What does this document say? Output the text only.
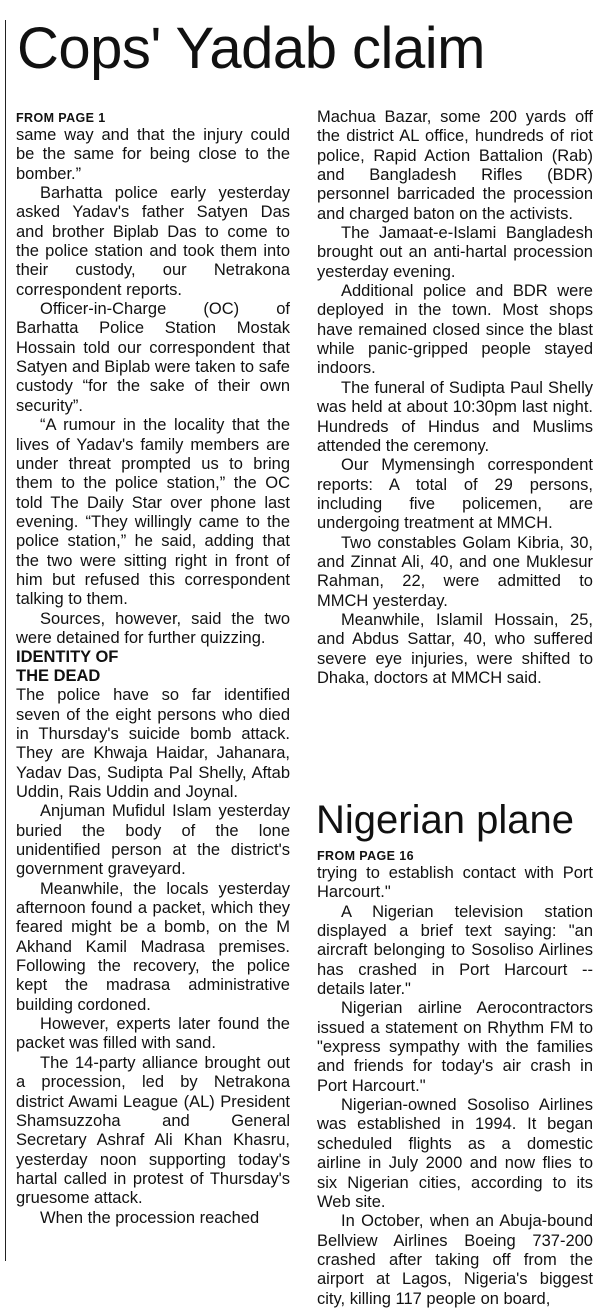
Cops' Yadab claim
FROM PAGE 1

same way and that the injury could be the same for being close to the bomber.”

Barhatta police early yesterday asked Yadav's father Satyen Das and brother Biplab Das to come to the police station and took them into their custody, our Netrakona correspondent reports.

Officer-in-Charge (OC) of Barhatta Police Station Mostak Hossain told our correspondent that Satyen and Biplab were taken to safe custody “for the sake of their own security”.

“A rumour in the locality that the lives of Yadav's family members are under threat prompted us to bring them to the police station,” the OC told The Daily Star over phone last evening. “They willingly came to the police station,” he said, adding that the two were sitting right in front of him but refused this correspondent talking to them.

Sources, however, said the two were detained for further quizzing.

IDENTITY OF THE DEAD

The police have so far identified seven of the eight persons who died in Thursday's suicide bomb attack. They are Khwaja Haidar, Jahanara, Yadav Das, Sudipta Pal Shelly, Aftab Uddin, Rais Uddin and Joynal.

Anjuman Mufidul Islam yesterday buried the body of the lone unidentified person at the district's government graveyard.

Meanwhile, the locals yesterday afternoon found a packet, which they feared might be a bomb, on the M Akhand Kamil Madrasa premises. Following the recovery, the police kept the madrasa administrative building cordoned.

However, experts later found the packet was filled with sand.

The 14-party alliance brought out a procession, led by Netrakona district Awami League (AL) President Shamsuzzoha and General Secretary Ashraf Ali Khan Khasru, yesterday noon supporting today's hartal called in protest of Thursday's gruesome attack.

When the procession reached

Machua Bazar, some 200 yards off the district AL office, hundreds of riot police, Rapid Action Battalion (Rab) and Bangladesh Rifles (BDR) personnel barricaded the procession and charged baton on the activists.

The Jamaat-e-Islami Bangladesh brought out an anti-hartal procession yesterday evening.

Additional police and BDR were deployed in the town. Most shops have remained closed since the blast while panic-gripped people stayed indoors.

The funeral of Sudipta Paul Shelly was held at about 10:30pm last night. Hundreds of Hindus and Muslims attended the ceremony.

Our Mymensingh correspondent reports: A total of 29 persons, including five policemen, are undergoing treatment at MMCH.

Two constables Golam Kibria, 30, and Zinnat Ali, 40, and one Muklesur Rahman, 22, were admitted to MMCH yesterday.

Meanwhile, Islamil Hossain, 25, and Abdus Sattar, 40, who suffered severe eye injuries, were shifted to Dhaka, doctors at MMCH said.

Nigerian plane
FROM PAGE 16

trying to establish contact with Port Harcourt."

A Nigerian television station displayed a brief text saying: "an aircraft belonging to Sosoliso Airlines has crashed in Port Harcourt -- details later."

Nigerian airline Aerocontractors issued a statement on Rhythm FM to "express sympathy with the families and friends for today's air crash in Port Harcourt."

Nigerian-owned Sosoliso Airlines was established in 1994. It began scheduled flights as a domestic airline in July 2000 and now flies to six Nigerian cities, according to its Web site.

In October, when an Abuja-bound Bellview Airlines Boeing 737-200 crashed after taking off from the airport at Lagos, Nigeria's biggest city, killing 117 people on board,
